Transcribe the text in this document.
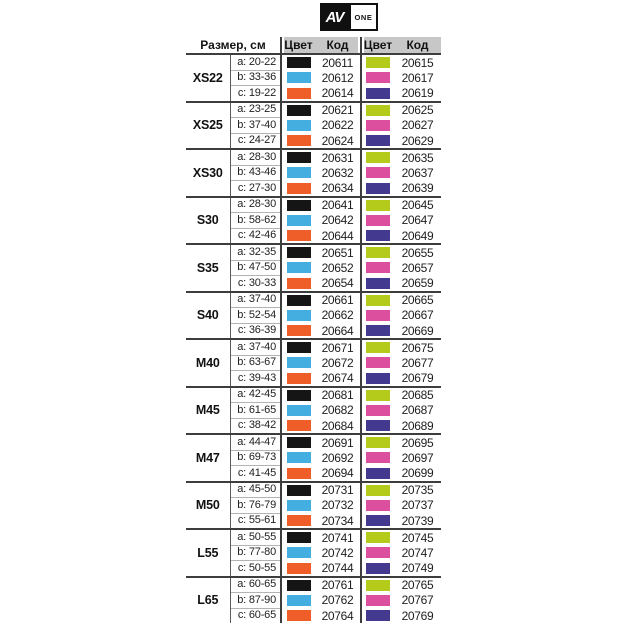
AV ONE
Размер, см		Цвет	Код	Цвет	Код
XS22	a: 20-22		20611		20615
	b: 33-36		20612		20617
	c: 19-22		20614		20619
XS25	a: 23-25		20621		20625
	b: 37-40		20622		20627
	c: 24-27		20624		20629
XS30	a: 28-30		20631		20635
	b: 43-46		20632		20637
	c: 27-30		20634		20639
S30	a: 28-30		20641		20645
	b: 58-62		20642		20647
	c: 42-46		20644		20649
S35	a: 32-35		20651		20655
	b: 47-50		20652		20657
	c: 30-33		20654		20659
S40	a: 37-40		20661		20665
	b: 52-54		20662		20667
	c: 36-39		20664		20669
M40	a: 37-40		20671		20675
	b: 63-67		20672		20677
	c: 39-43		20674		20679
M45	a: 42-45		20681		20685
	b: 61-65		20682		20687
	c: 38-42		20684		20689
M47	a: 44-47		20691		20695
	b: 69-73		20692		20697
	c: 41-45		20694		20699
M50	a: 45-50		20731		20735
	b: 76-79		20732		20737
	c: 55-61		20734		20739
L55	a: 50-55		20741		20745
	b: 77-80		20742		20747
	c: 50-55		20744		20749
L65	a: 60-65		20761		20765
	b: 87-90		20762		20767
	c: 60-65		20764		20769
